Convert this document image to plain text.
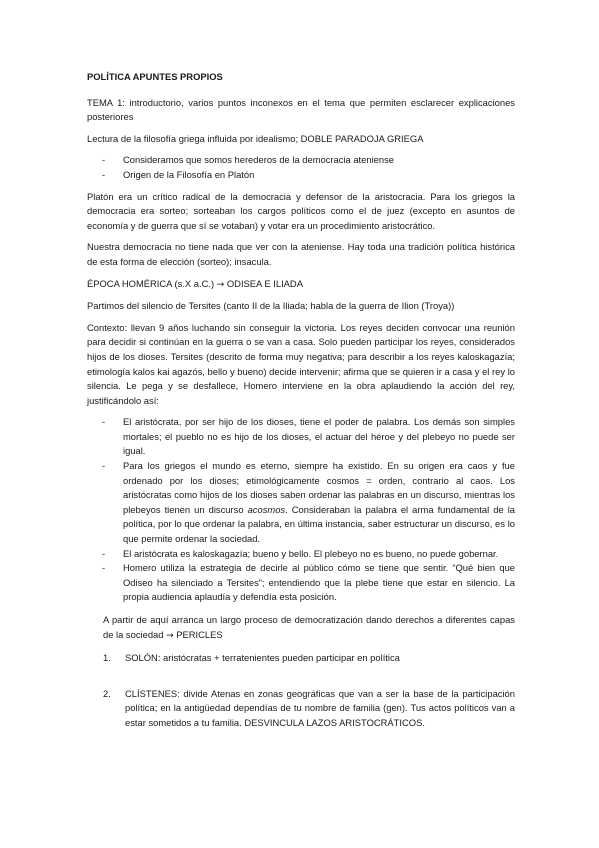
POLÍTICA APUNTES PROPIOS

TEMA 1: introductorio, varios puntos inconexos en el tema que permiten esclarecer explicaciones posteriores

Lectura de la filosofía griega influida por idealismo; DOBLE PARADOJA GRIEGA

- Consideramos que somos herederos de la democracia ateniense
- Origen de la Filosofía en Platón

Platón era un crítico radical de la democracia y defensor de la aristocracia. Para los griegos la democracia era sorteo; sorteaban los cargos políticos como el de juez (excepto en asuntos de economía y de guerra que sí se votaban) y votar era un procedimiento aristocrático.

Nuestra democracia no tiene nada que ver con la ateniense. Hay toda una tradición política histórica de esta forma de elección (sorteo); insacula.

ÉPOCA HOMÉRICA (s.X a.C.) → ODISEA E ILIADA

Partimos del silencio de Tersites (canto II de la Iliada; habla de la guerra de Ilion (Troya))

Contexto: llevan 9 años luchando sin conseguir la victoria. Los reyes deciden convocar una reunión para decidir si continúan en la guerra o se van a casa. Solo pueden participar los reyes, considerados hijos de los dioses. Tersites (descrito de forma muy negativa; para describir a los reyes kaloskagazía; etimología kalos kai agazós, bello y bueno) decide intervenir; afirma que se quieren ir a casa y el rey lo silencia. Le pega y se desfallece, Homero interviene en la obra aplaudiendo la acción del rey, justificándolo así:

- El aristócrata, por ser hijo de los dioses, tiene el poder de palabra. Los demás son simples mortales; el pueblo no es hijo de los dioses, el actuar del héroe y del plebeyo no puede ser igual.
- Para los griegos el mundo es eterno, siempre ha existido. En su origen era caos y fue ordenado por los dioses; etimológicamente cosmos = orden, contrario al caos. Los aristócratas como hijos de los dioses saben ordenar las palabras en un discurso, mientras los plebeyos tienen un discurso acosmos. Consideraban la palabra el arma fundamental de la política, por lo que ordenar la palabra, en última instancia, saber estructurar un discurso, es lo que permite ordenar la sociedad.
- El aristócrata es kaloskagazía; bueno y bello. El plebeyo no es bueno, no puede gobernar.
- Homero utiliza la estrategia de decirle al público cómo se tiene que sentir. “Qué bien que Odiseo ha silenciado a Tersites”; entendiendo que la plebe tiene que estar en silencio. La propia audiencia aplaudía y defendía esta posición.

A partir de aquí arranca un largo proceso de democratización dando derechos a diferentes capas de la sociedad → PERICLES

1. SOLÓN: aristócratas + terratenientes pueden participar en política
2. CLÍSTENES: divide Atenas en zonas geográficas que van a ser la base de la participación política; en la antigüedad dependías de tu nombre de familia (gen). Tus actos políticos van a estar sometidos a tu familia. DESVINCULA LAZOS ARISTOCRÁTICOS.
